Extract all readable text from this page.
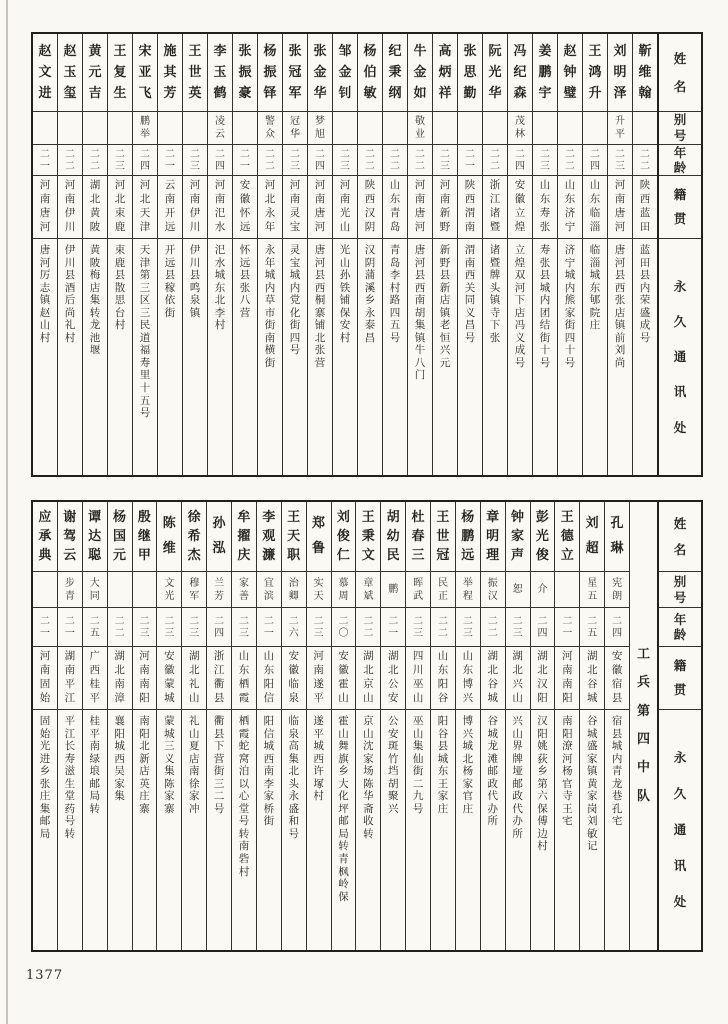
姓
名
别
号
年
龄
籍
贯
永
久
通
讯
处
靳
维
翰
二
二
陕
西
蓝
田
蓝
田
县
内
荣
盛
成
号
刘
明
泽
升
平
二
三
河
南
唐
河
唐
河
县
西
张
店
镇
前
刘
尚
王
鸿
升
二
四
山
东
临
淄
临
淄
城
东
郇
院
庄
赵
钟
璧
二
二
山
东
济
宁
济
宁
城
内
熊
家
街
四
十
号
姜
鹏
宇
二
三
山
东
寿
张
寿
张
县
城
内
团
结
街
十
号
冯
纪
森
茂
林
二
四
安
徽
立
煌
立
煌
双
河
下
店
冯
义
成
号
阮
光
华
二
二
浙
江
诸
暨
诸
暨
牌
头
镇
寺
下
张
张
思
勤
二
一
陕
西
渭
南
渭
南
西
关
同
义
昌
号
高
炳
祥
二
三
河
南
新
野
新
野
县
新
店
镇
老
恒
兴
元
牛
金
如
敬
业
二
二
河
南
唐
河
唐
河
县
西
南
胡
集
镇
牛
八
门
纪
秉
纲
二
二
山
东
青
岛
青
岛
李
村
路
四
五
号
杨
伯
敏
二
二
陕
西
汉
阴
汉
阴
蒲
溪
乡
永
泰
昌
邹
金
钊
二
三
河
南
光
山
光
山
孙
铁
铺
保
安
村
张
金
华
梦
旭
二
四
河
南
唐
河
唐
河
县
西
桐
寨
铺
北
张
营
张
冠
军
冠
华
二
三
河
南
灵
宝
灵
宝
城
内
党
化
街
四
号
杨
振
铎
警
众
二
二
河
北
永
年
永
年
城
内
草
市
街
南
横
街
张
振
豪
二
一
安
徽
怀
远
怀
远
县
张
八
营
李
玉
鹤
凌
云
二
四
河
南
汜
水
汜
水
城
东
北
李
村
王
世
英
二
三
河
南
伊
川
伊
川
县
鸣
泉
镇
施
其
芳
二
一
云
南
开
远
开
远
县
稼
依
街
宋
亚
飞
鹏
举
二
四
河
北
天
津
天
津
第
三
区
三
民
道
福
寿
里
十
五
号
王
复
生
二
三
河
北
束
鹿
束
鹿
县
散
思
台
村
黄
元
吉
二
二
湖
北
黄
陂
黄
陂
梅
店
集
转
龙
池
堰
赵
玉
玺
二
二
河
南
伊
川
伊
川
县
酒
后
尚
礼
村
赵
文
进
二
一
河
南
唐
河
唐
河
厉
志
镇
赵
山
村
姓
名
别
号
年
龄
籍
贯
永
久
通
讯
处
工
兵
第
四
中
队
孔
琳
宪
朗
二
四
安
徽
宿
县
宿
县
城
内
青
龙
巷
孔
宅
刘
超
星
五
二
五
湖
北
谷
城
谷
城
盛
家
镇
黄
家
岗
刘
敏
记
王
德
立
二
一
河
南
南
阳
南
阳
潦
河
杨
官
寺
王
宅
彭
光
俊
介
二
四
湖
北
汉
阳
汉
阳
姚
荻
乡
第
六
保
傅
边
村
钟
家
声
恕
二
三
湖
北
兴
山
兴
山
界
牌
垭
邮
政
代
办
所
章
明
理
振
汉
二
二
湖
北
谷
城
谷
城
龙
滩
邮
政
代
办
所
杨
鹏
远
举
程
二
三
山
东
博
兴
博
兴
城
北
杨
家
官
庄
王
世
冠
民
正
二
二
山
东
阳
谷
阳
谷
县
城
东
王
家
庄
杜
春
三
晖
武
二
三
四
川
巫
山
巫
山
集
仙
街
二
九
号
胡
幼
民
鹏
二
一
湖
北
公
安
公
安
斑
竹
垱
胡
聚
兴
王
秉
文
章
斌
二
二
湖
北
京
山
京
山
沈
家
场
陈
华
斋
收
转
刘
俊
仁
慕
周
二
〇
安
徽
霍
山
霍
山
舞
旗
乡
大
化
坪
邮
局
转
青
枫
岭
保
郑
鲁
实
天
二
三
河
南
遂
平
遂
平
城
西
许
塚
村
王
天
职
治
卿
二
六
安
徽
临
泉
临
泉
高
集
北
头
永
盛
和
号
李
观
濂
宜
滨
二
一
山
东
阳
信
阳
信
城
西
南
李
家
桥
街
牟
擢
庆
家
善
二
三
山
东
栖
霞
栖
霞
蛇
窝
泊
以
心
堂
号
转
南
砦
村
孙
泓
兰
芳
二
四
浙
江
衢
县
衢
县
下
营
街
三
二
号
徐
希
杰
穆
军
二
三
湖
北
礼
山
礼
山
夏
店
南
徐
家
冲
陈
维
文
光
二
三
安
徽
蒙
城
蒙
城
三
义
集
陈
家
寨
殷
继
甲
二
三
河
南
南
阳
南
阳
北
新
店
英
庄
寨
杨
国
元
二
二
湖
北
南
漳
襄
阳
城
西
吴
家
集
谭
达
聪
大
同
二
五
广
西
桂
平
桂
平
南
绿
埌
邮
局
转
谢
驾
云
步
青
二
一
湖
南
平
江
平
江
长
寿
滋
生
堂
药
号
转
应
承
典
二
一
河
南
固
始
固
始
光
进
乡
张
庄
集
邮
局
1377
